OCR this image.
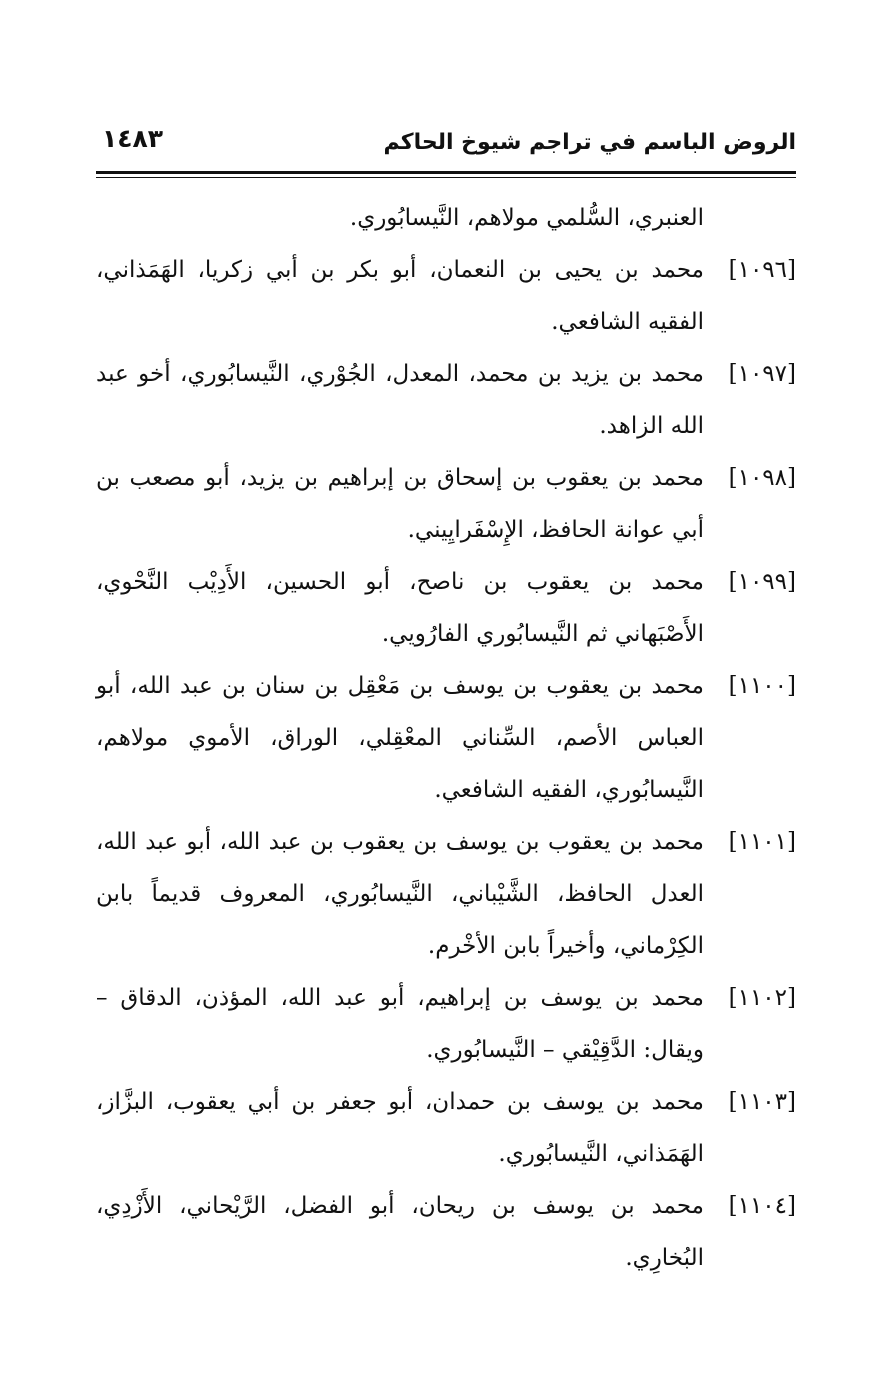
الروض الباسم في تراجم شيوخ الحاكم
١٤٨٣
العنبري، السُّلمي مولاهم، النَّيسابُوري.
[١٠٩٦]
محمد بن يحيى بن النعمان، أبو بكر بن أبي زكريا، الهَمَذاني، الفقيه الشافعي.
[١٠٩٧]
محمد بن يزيد بن محمد، المعدل، الجُوْري، النَّيسابُوري، أخو عبد الله الزاهد.
[١٠٩٨]
محمد بن يعقوب بن إسحاق بن إبراهيم بن يزيد، أبو مصعب بن أبي عوانة الحافظ، الإِسْفَرايِيني.
[١٠٩٩]
محمد بن يعقوب بن ناصح، أبو الحسين، الأَدِيْب النَّحْوي، الأَصْبَهاني ثم النَّيسابُوري الفارُويي.
[١١٠٠]
محمد بن يعقوب بن يوسف بن مَعْقِل بن سنان بن عبد الله، أبو العباس الأصم، السِّناني المعْقِلي، الوراق، الأموي مولاهم، النَّيسابُوري، الفقيه الشافعي.
[١١٠١]
محمد بن يعقوب بن يوسف بن يعقوب بن عبد الله، أبو عبد الله، العدل الحافظ، الشَّيْباني، النَّيسابُوري، المعروف قديماً بابن الكِرْماني، وأخيراً بابن الأخْرم.
[١١٠٢]
محمد بن يوسف بن إبراهيم، أبو عبد الله، المؤذن، الدقاق – ويقال: الدَّقِيْقي – النَّيسابُوري.
[١١٠٣]
محمد بن يوسف بن حمدان، أبو جعفر بن أبي يعقوب، البزَّاز، الهَمَذاني، النَّيسابُوري.
[١١٠٤]
محمد بن يوسف بن ريحان، أبو الفضل، الرَّيْحاني، الأَزْدِي، البُخارِي.
